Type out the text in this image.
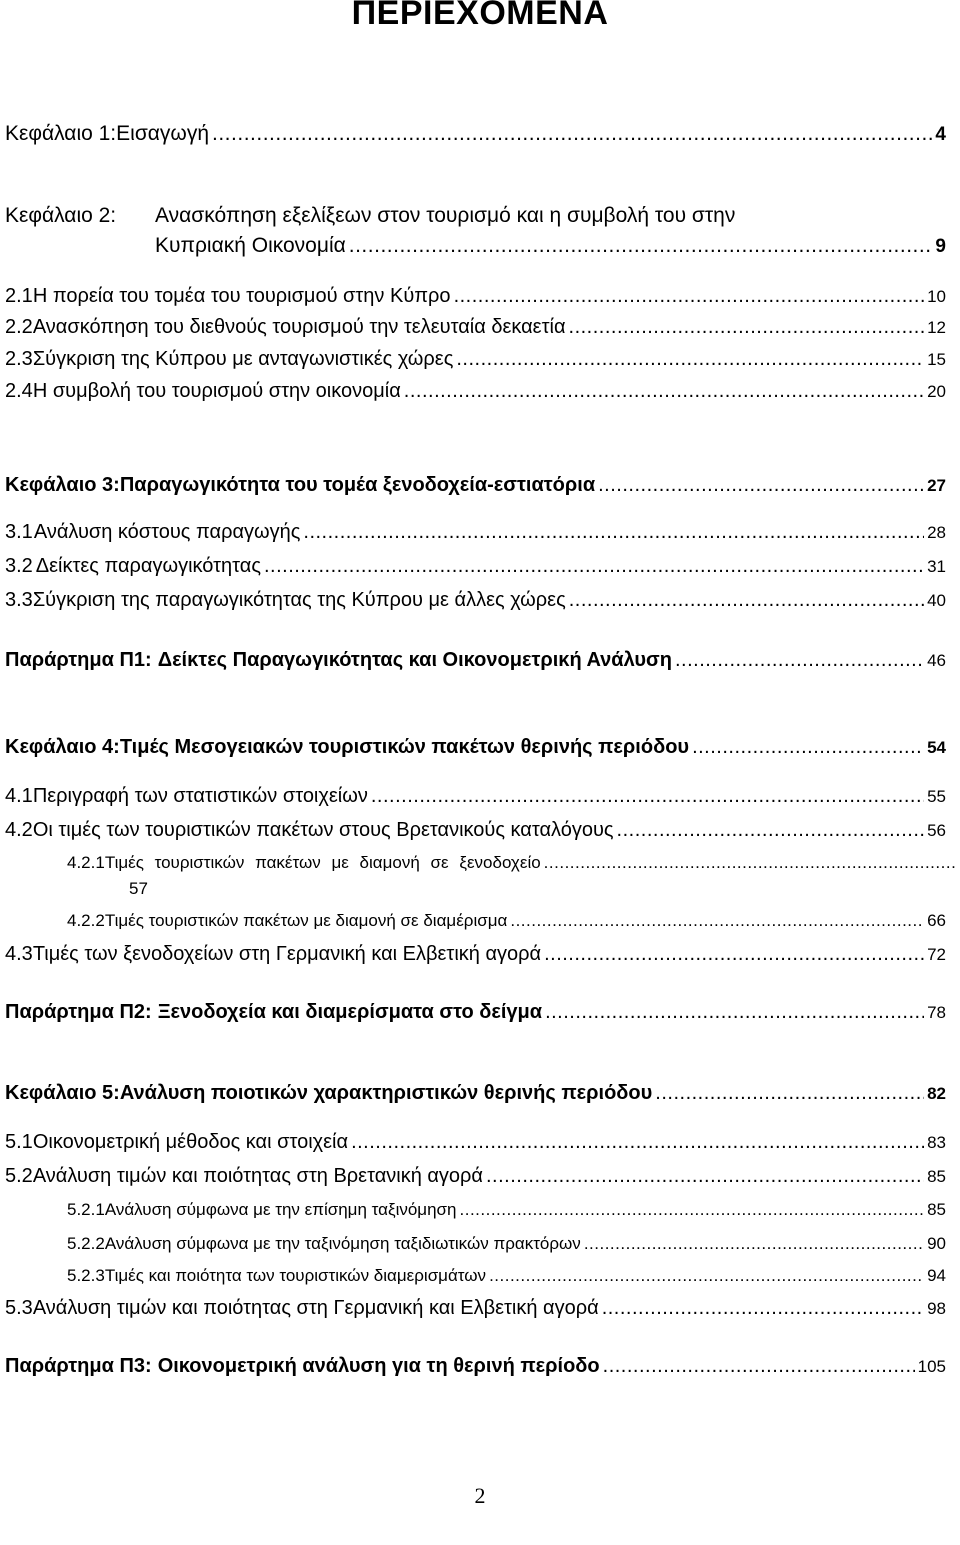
ΠΕΡΙΕΧΟΜΕΝΑ
Κεφάλαιο 1: Εισαγωγή .....	4
Κεφάλαιο 2: Ανασκόπηση εξελίξεων στον τουρισμό και η συμβολή του στην
Κυπριακή Οικονομία .....	9
2.1 Η πορεία του τομέα του τουρισμού στην Κύπρο .....	10
2.2 Ανασκόπηση του διεθνούς τουρισμού την τελευταία δεκαετία .....	12
2.3 Σύγκριση της Κύπρου με ανταγωνιστικές χώρες .....	15
2.4 Η συμβολή του τουρισμού στην οικονομία .....	20
Κεφάλαιο 3: Παραγωγικότητα του τομέα ξενοδοχεία-εστιατόρια .....	27
3.1 Ανάλυση κόστους παραγωγής .....	28
3.2 Δείκτες παραγωγικότητας .....	31
3.3 Σύγκριση της παραγωγικότητας της Κύπρου με άλλες χώρες .....	40
Παράρτημα Π1: Δείκτες Παραγωγικότητας και Οικονομετρική Ανάλυση .....	46
Κεφάλαιο 4: Τιμές Μεσογειακών τουριστικών πακέτων θερινής περιόδου .....	54
4.1 Περιγραφή των στατιστικών στοιχείων .....	55
4.2 Οι τιμές των τουριστικών πακέτων στους Βρετανικούς καταλόγους .....	56
4.2.1 Τιμές τουριστικών πακέτων με διαμονή σε ξενοδοχείο
.....
57
4.2.2 Τιμές τουριστικών πακέτων με διαμονή σε διαμέρισμα .....	66
4.3 Τιμές των ξενοδοχείων στη Γερμανική και Ελβετική αγορά .....	72
Παράρτημα Π2: Ξενοδοχεία και διαμερίσματα στο δείγμα .....	78
Κεφάλαιο 5: Ανάλυση ποιοτικών χαρακτηριστικών θερινής περιόδου .....	82
5.1 Οικονομετρική μέθοδος και στοιχεία .....	83
5.2 Ανάλυση τιμών και ποιότητας στη Βρετανική αγορά .....	85
5.2.1 Ανάλυση σύμφωνα με την επίσημη ταξινόμηση .....	85
5.2.2 Ανάλυση σύμφωνα με την ταξινόμηση ταξιδιωτικών πρακτόρων .....	90
5.2.3 Τιμές και ποιότητα των τουριστικών διαμερισμάτων .....	94
5.3 Ανάλυση τιμών και ποιότητας στη Γερμανική και Ελβετική αγορά .....	98
Παράρτημα Π3: Οικονομετρική ανάλυση για τη θερινή περίοδο .....	105
2
